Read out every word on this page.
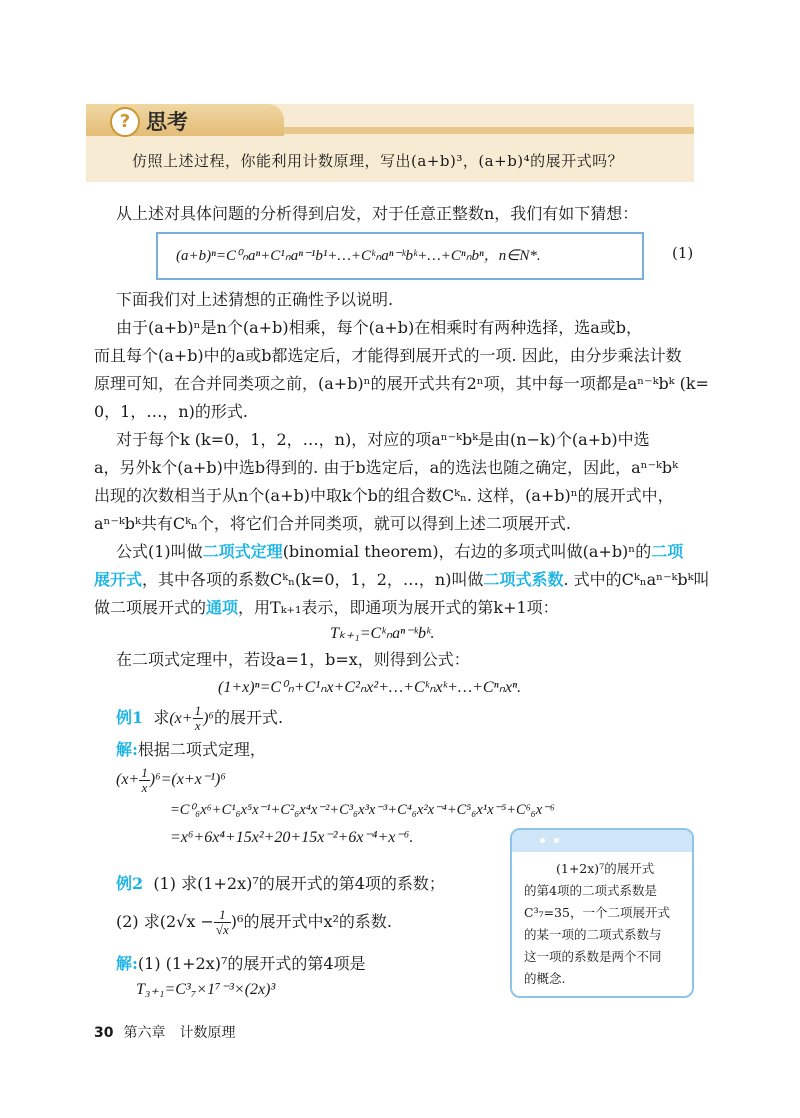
? 思考
仿照上述过程，你能利用计数原理，写出(a+b)³，(a+b)⁴的展开式吗？
从上述对具体问题的分析得到启发，对于任意正整数n，我们有如下猜想：
(a+b)ⁿ=C⁰ₙaⁿ+C¹ₙaⁿ⁻¹b¹+…+Cᵏₙaⁿ⁻ᵏbᵏ+…+Cⁿₙbⁿ，n∈N*.	(1)
下面我们对上述猜想的正确性予以说明.
由于(a+b)ⁿ是n个(a+b)相乘，每个(a+b)在相乘时有两种选择，选a或b，
而且每个(a+b)中的a或b都选定后，才能得到展开式的一项. 因此，由分步乘法计数
原理可知，在合并同类项之前，(a+b)ⁿ的展开式共有2ⁿ项，其中每一项都是aⁿ⁻ᵏbᵏ (k=
0，1，…，n)的形式.
对于每个k (k=0，1，2，…，n)，对应的项aⁿ⁻ᵏbᵏ是由(n−k)个(a+b)中选
a，另外k个(a+b)中选b得到的. 由于b选定后，a的选法也随之确定，因此，aⁿ⁻ᵏbᵏ
出现的次数相当于从n个(a+b)中取k个b的组合数Cᵏₙ. 这样，(a+b)ⁿ的展开式中，
aⁿ⁻ᵏbᵏ共有Cᵏₙ个，将它们合并同类项，就可以得到上述二项展开式.
公式(1)叫做二项式定理(binomial theorem)，右边的多项式叫做(a+b)ⁿ的二项
展开式，其中各项的系数Cᵏₙ(k=0，1，2，…，n)叫做二项式系数. 式中的Cᵏₙaⁿ⁻ᵏbᵏ叫
做二项展开式的通项，用Tₖ₊₁表示，即通项为展开式的第k+1项：
Tₖ₊₁=Cᵏₙaⁿ⁻ᵏbᵏ.
在二项式定理中，若设a=1，b=x，则得到公式：
(1+x)ⁿ=C⁰ₙ+C¹ₙx+C²ₙx²+…+Cᵏₙxᵏ+…+Cⁿₙxⁿ.
例1 求$(x+ \frac{1}{x} )^6$的展开式.
解:根据二项式定理，
$(x+ \frac{1}{x} )^6=(x+x^{-1})^6$
=C⁰₆x⁶+C¹₆x⁵x⁻¹+C²₆x⁴x⁻²+C³₆x³x⁻³+C⁴₆x²x⁻⁴+C⁵₆x¹x⁻⁵+C⁶₆x⁻⁶
=x⁶+6x⁴+15x²+20+15x⁻²+6x⁻⁴+x⁻⁶.
例2 (1) 求(1+2x)⁷的展开式的第4项的系数；
(2) 求$(2√x - \frac{1}{√x} )^6$的展开式中x²的系数.
解:(1) (1+2x)⁷的展开式的第4项是
T₃₊₁=C³₇×1⁷⁻³×(2x)³
(1+2x)⁷的展开式
的第4项的二项式系数是
C³₇=35，一个二项展开式
的某一项的二项式系数与
这一项的系数是两个不同
的概念.
30 第六章　计数原理
